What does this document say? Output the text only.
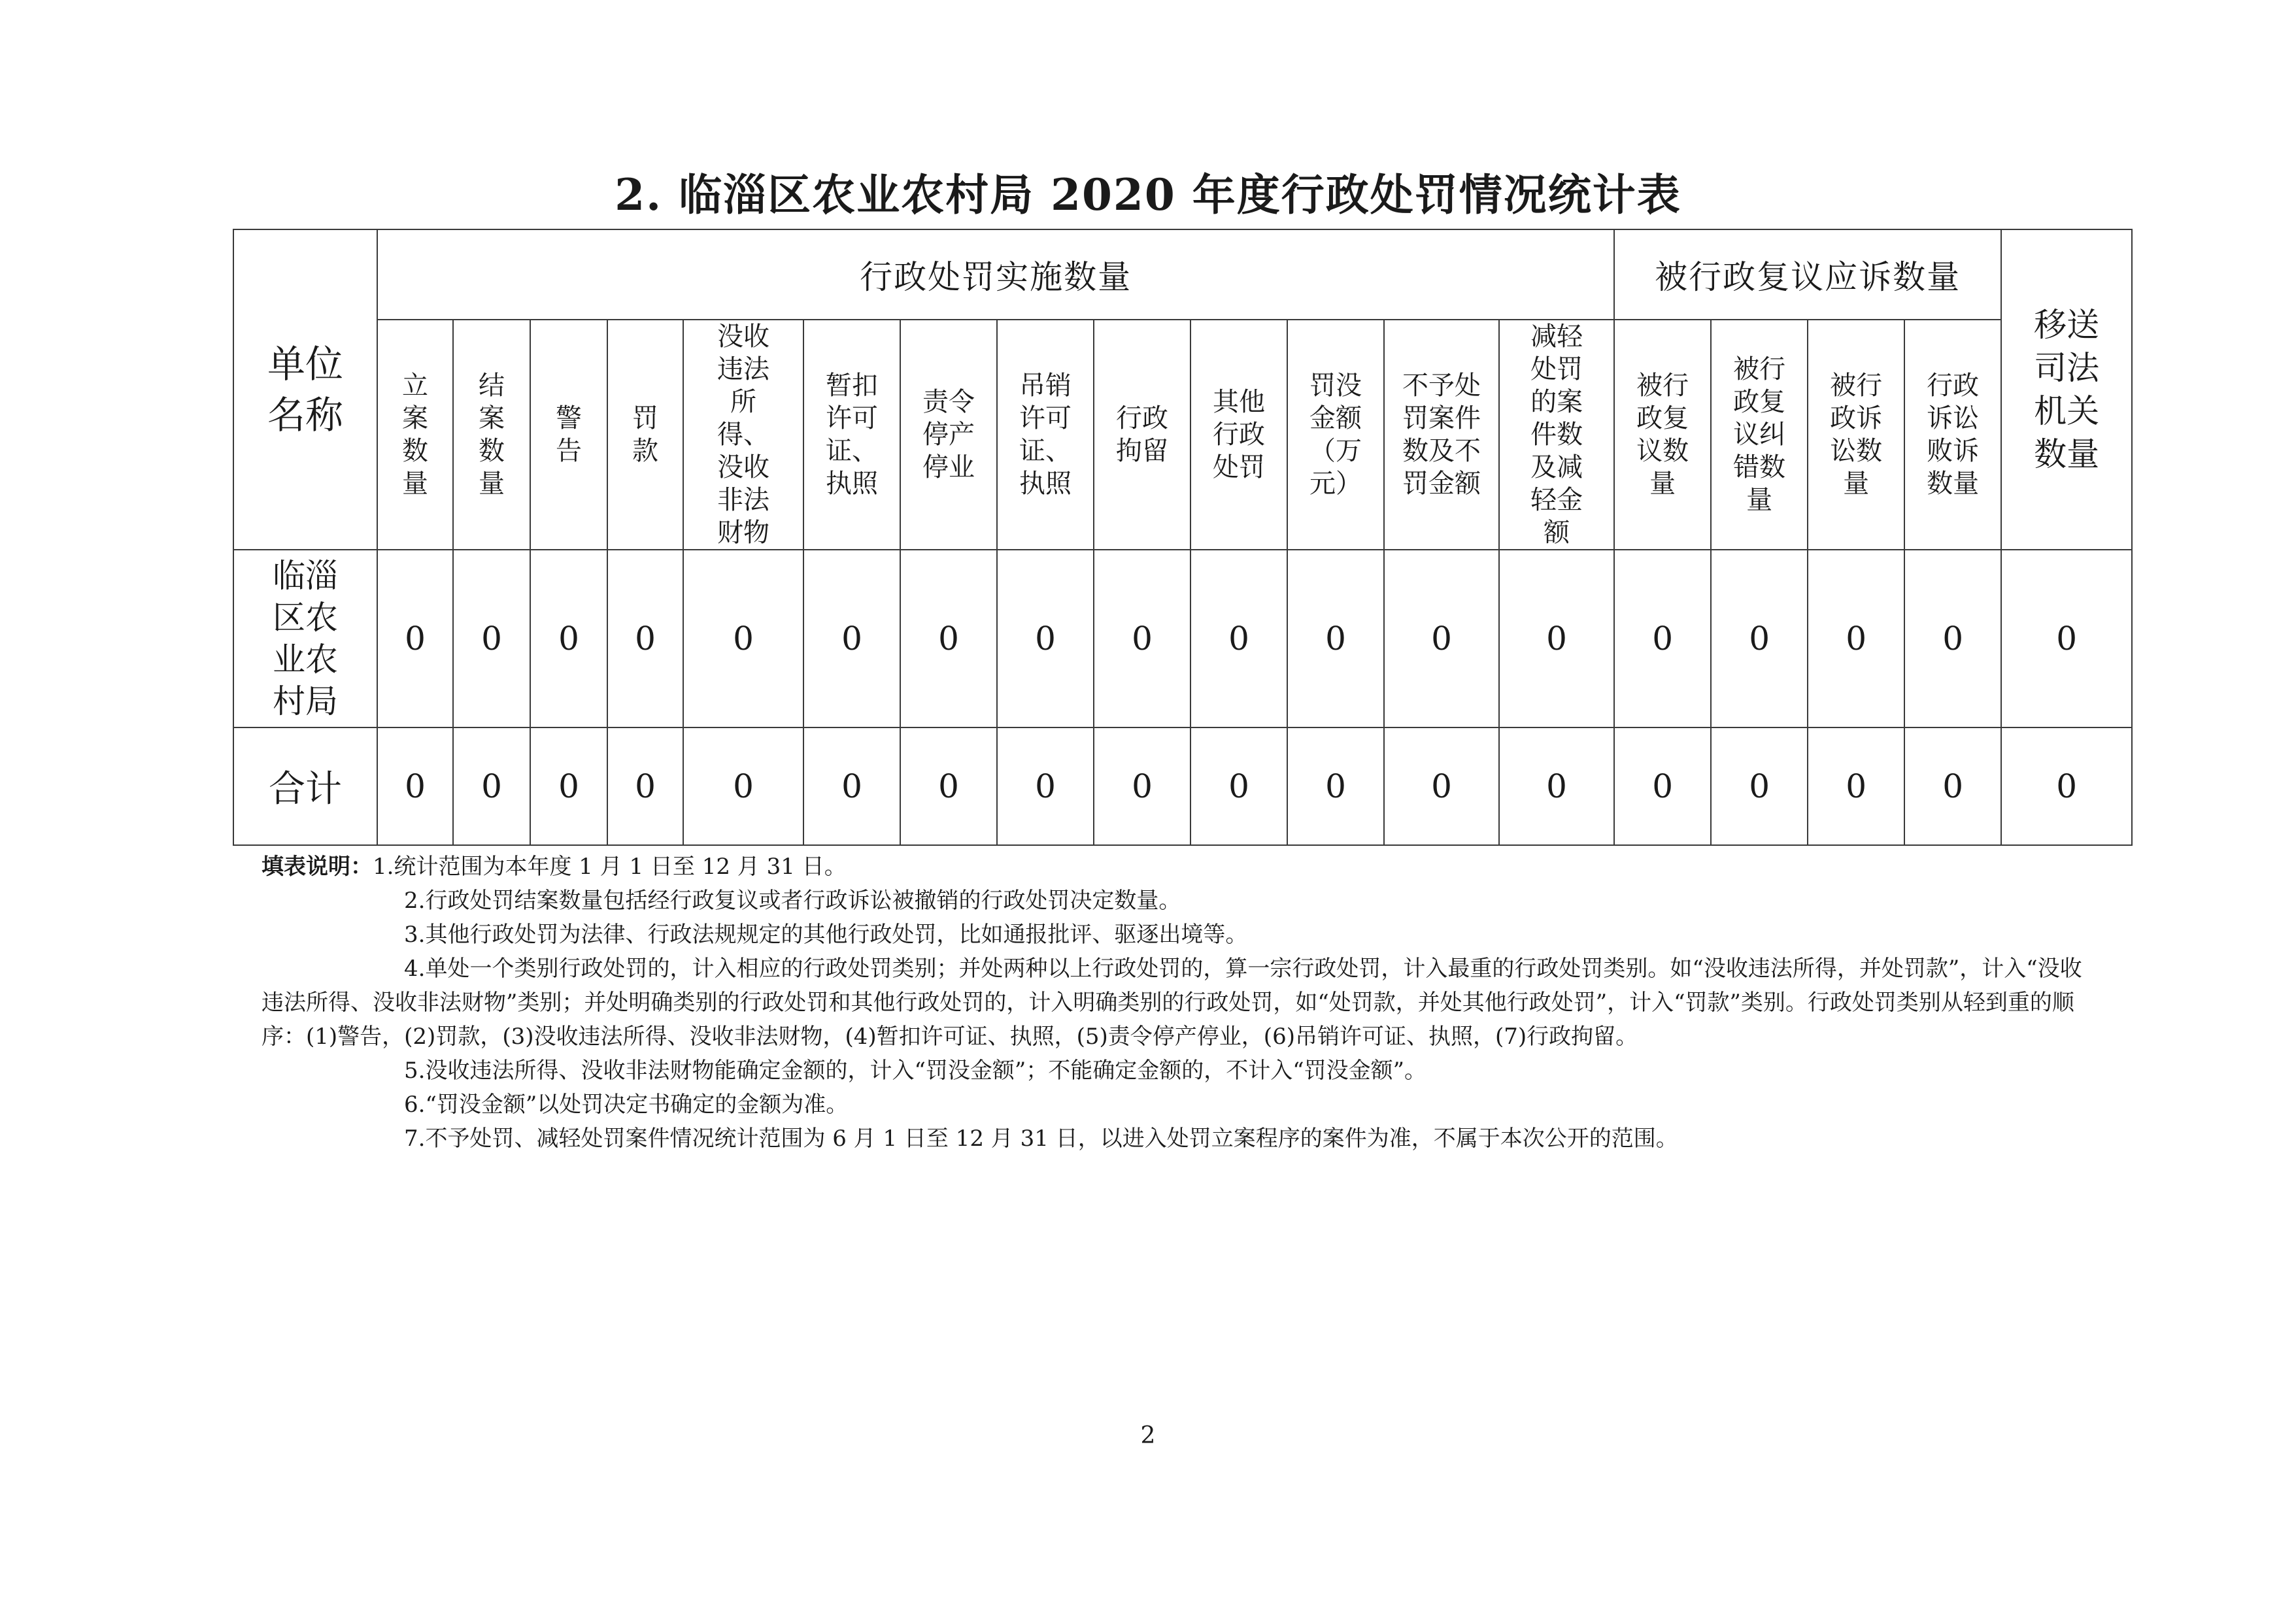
2. 临淄区农业农村局 2020 年度行政处罚情况统计表
单位名称	行政处罚实施数量													被行政复议应诉数量				移送司法机关数量
	立案数量	结案数量	警告	罚款	没收违法所得、没收非法财物	暂扣许可证、执照	责令停产停业	吊销许可证、执照	行政拘留	其他行政处罚	罚没金额（万元）	不予处罚案件数及不罚金额	减轻处罚的案件数及减轻金额	被行政复议数量	被行政复议纠错数量	被行政诉讼数量	行政诉讼败诉数量	
临淄区农业农村局	0	0	0	0	0	0	0	0	0	0	0	0	0	0	0	0	0	0
合计	0	0	0	0	0	0	0	0	0	0	0	0	0	0	0	0	0	0

填表说明：1.统计范围为本年度 1 月 1 日至 12 月 31 日。

2.行政处罚结案数量包括经行政复议或者行政诉讼被撤销的行政处罚决定数量。

3.其他行政处罚为法律、行政法规规定的其他行政处罚，比如通报批评、驱逐出境等。

4.单处一个类别行政处罚的，计入相应的行政处罚类别；并处两种以上行政处罚的，算一宗行政处罚，计入最重的行政处罚类别。如“没收违法所得，并处罚款”，计入“没收违法所得、没收非法财物”类别；并处明确类别的行政处罚和其他行政处罚的，计入明确类别的行政处罚，如“处罚款，并处其他行政处罚”，计入“罚款”类别。行政处罚类别从轻到重的顺序：(1)警告，(2)罚款，(3)没收违法所得、没收非法财物，(4)暂扣许可证、执照，(5)责令停产停业，(6)吊销许可证、执照，(7)行政拘留。

5.没收违法所得、没收非法财物能确定金额的，计入“罚没金额”；不能确定金额的，不计入“罚没金额”。

6.“罚没金额”以处罚决定书确定的金额为准。

7.不予处罚、减轻处罚案件情况统计范围为 6 月 1 日至 12 月 31 日，以进入处罚立案程序的案件为准，不属于本次公开的范围。

2
